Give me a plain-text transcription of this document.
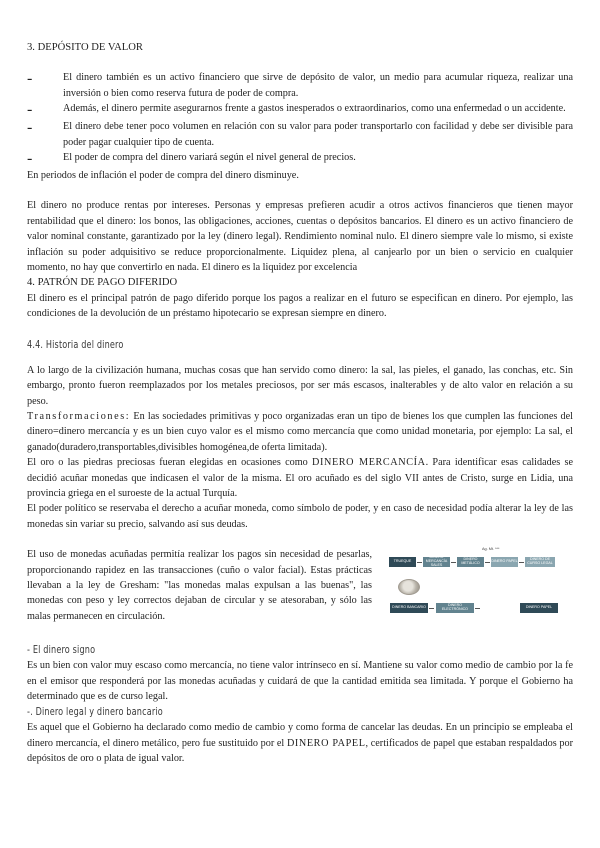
3. DEPÓSITO DE VALOR

-	El dinero también es un activo financiero que sirve de depósito de valor, un medio para acumular riqueza, realizar una inversión o bien como reserva futura de poder de compra.

-	Además, el dinero permite asegurarnos frente a gastos inesperados o extraordinarios, como una enfermedad o un accidente.

-	El dinero debe tener poco volumen en relación con su valor para poder transportarlo con facilidad y debe ser divisible para poder pagar cualquier tipo de cuenta.

-	El poder de compra del dinero variará según el nivel general de precios.

En periodos de inflación el poder de compra del dinero disminuye.

El dinero no produce rentas por intereses. Personas y empresas prefieren acudir a otros activos financieros que tienen mayor rentabilidad que el dinero: los bonos, las obligaciones, acciones, cuentas o depósitos bancarios. El dinero es un activo financiero de valor nominal constante, garantizado por la ley (dinero legal). Rendimiento nominal nulo. El dinero siempre vale lo mismo, si existe inflación su poder adquisitivo se reduce proporcionalmente. Liquidez plena, al canjearlo por un bien o servicio en cualquier momento, no hay que convertirlo en nada. El dinero es la liquidez por excelencia

4. PATRÓN DE PAGO DIFERIDO

El dinero es el principal patrón de pago diferido porque los pagos a realizar en el futuro se especifican en dinero. Por ejemplo, las condiciones de la devolución de un préstamo hipotecario se expresan siempre en dinero.

4.4. Historia del dinero

A lo largo de la civilización humana, muchas cosas que han servido como dinero: la sal, las pieles, el ganado, las conchas, etc. Sin embargo, pronto fueron reemplazados por los metales preciosos, por ser más escasos, inalterables y de alto valor en relación a su peso.

Transformaciones: En las sociedades primitivas y poco organizadas eran un tipo de bienes los que cumplen las funciones del dinero=dinero mercancía y es un bien cuyo valor es el mismo como mercancía que como unidad monetaria, por ejemplo: La sal, el ganado(duradero,transportables,divisibles homogénea,de oferta limitada).

El oro o las piedras preciosas fueran elegidas en ocasiones como DINERO MERCANCÍA. Para identificar esas calidades se decidió acuñar monedas que indicasen el valor de la misma. El oro acuñado es del siglo VII antes de Cristo, surge en Lidia, una provincia griega en el suroeste de la actual Turquía.

El poder político se reservaba el derecho a acuñar moneda, como símbolo de poder, y en caso de necesidad podía alterar la ley de las monedas sin variar su precio, salvando así sus deudas.

El uso de monedas acuñadas permitía realizar los pagos sin necesidad de pesarlas, proporcionando rapidez en las transacciones (cuño o valor facial). Estas prácticas llevaban a la ley de Gresham: "las monedas malas expulsan a las buenas", las monedas con peso y ley correctos dejaban de circular y se atesoraban, y sólo las malas permanecen en circulación.

Ag. Mt. ***
TRUEQUE
DINERO MERCANCÍA SALES
DINERO METÁLICO	DINERO PAPEL	DINERO DE CURSO LEGAL
DINERO BANCARIO	DINERO ELECTRÓNICO	DINERO PAPEL

- El dinero signo

Es un bien con valor muy escaso como mercancía, no tiene valor intrínseco en sí. Mantiene su valor como medio de cambio por la fe en el emisor que responderá por las monedas acuñadas y cuidará de que la cantidad emitida sea limitada. Y porque el Gobierno ha determinado que es de curso legal.

-. Dinero legal y dinero bancario

Es aquel que el Gobierno ha declarado como medio de cambio y como forma de cancelar las deudas. En un principio se empleaba el dinero mercancía, el dinero metálico, pero fue sustituido por el DINERO PAPEL, certificados de papel que estaban respaldados por depósitos de oro o plata de igual valor.
